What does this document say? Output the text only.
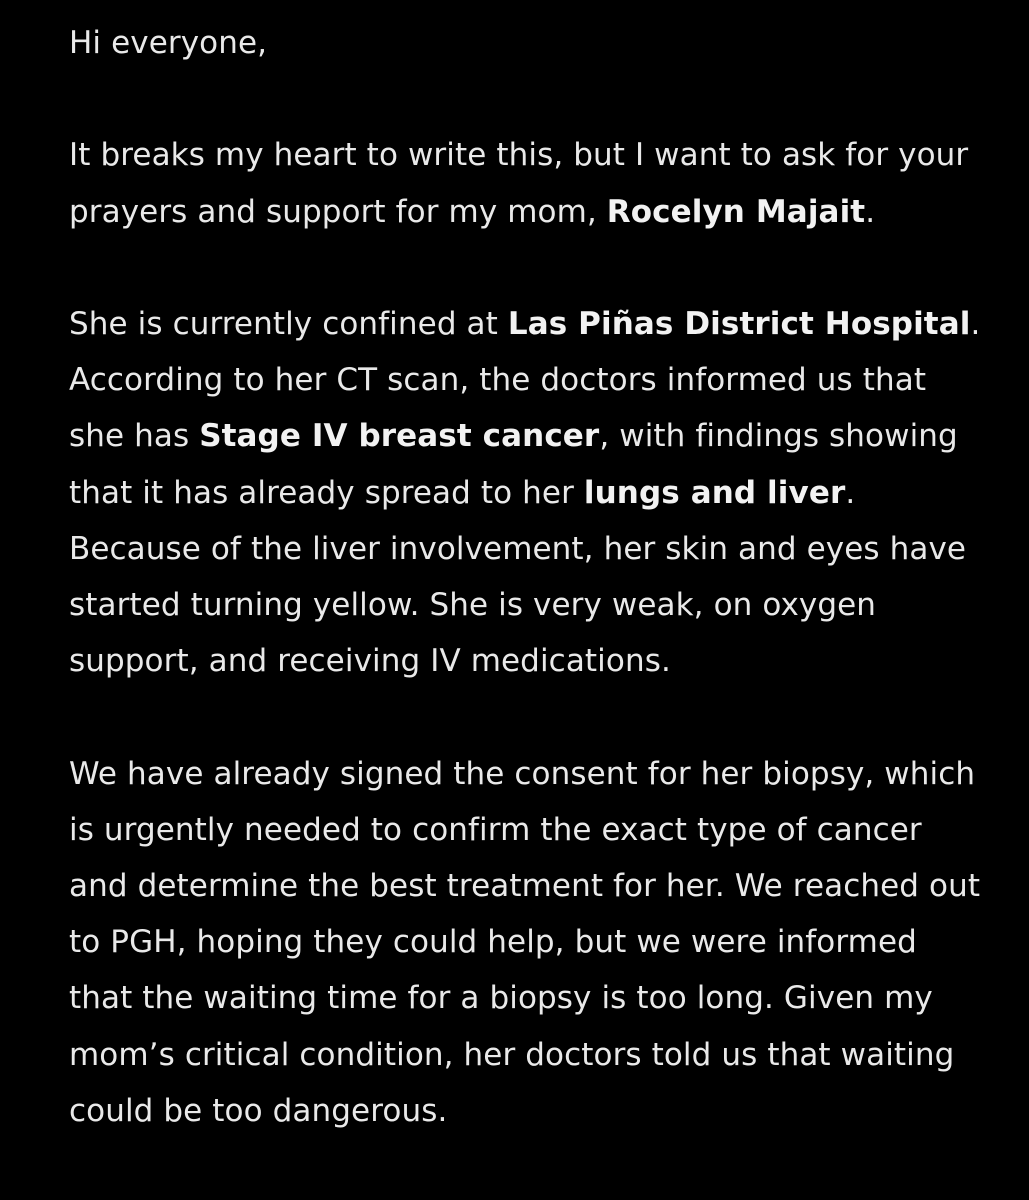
Hi everyone,

It breaks my heart to write this, but I want to ask for your prayers and support for my mom, Rocelyn Majait.

She is currently confined at Las Piñas District Hospital. According to her CT scan, the doctors informed us that she has Stage IV breast cancer, with findings showing that it has already spread to her lungs and liver. Because of the liver involvement, her skin and eyes have started turning yellow. She is very weak, on oxygen support, and receiving IV medications.

We have already signed the consent for her biopsy, which is urgently needed to confirm the exact type of cancer and determine the best treatment for her. We reached out to PGH, hoping they could help, but we were informed that the waiting time for a biopsy is too long. Given my mom’s critical condition, her doctors told us that waiting could be too dangerous.
